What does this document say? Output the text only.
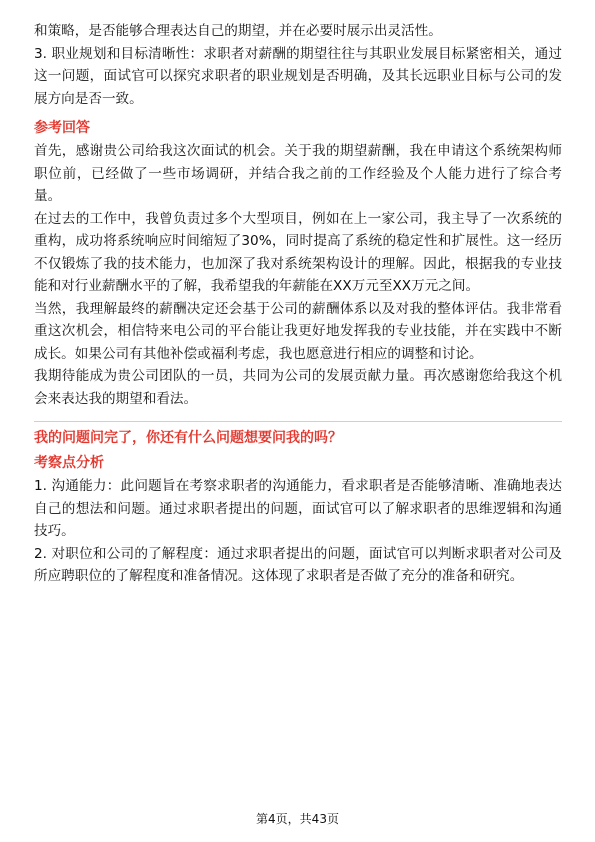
和策略，是否能够合理表达自己的期望，并在必要时展示出灵活性。

3. 职业规划和目标清晰性：求职者对薪酬的期望往往与其职业发展目标紧密相关，通过这一问题，面试官可以探究求职者的职业规划是否明确，及其长远职业目标与公司的发展方向是否一致。

参考回答

首先，感谢贵公司给我这次面试的机会。关于我的期望薪酬，我在申请这个系统架构师职位前，已经做了一些市场调研，并结合我之前的工作经验及个人能力进行了综合考量。

在过去的工作中，我曾负责过多个大型项目，例如在上一家公司，我主导了一次系统的重构，成功将系统响应时间缩短了30%，同时提高了系统的稳定性和扩展性。这一经历不仅锻炼了我的技术能力，也加深了我对系统架构设计的理解。因此，根据我的专业技能和对行业薪酬水平的了解，我希望我的年薪能在XX万元至XX万元之间。

当然，我理解最终的薪酬决定还会基于公司的薪酬体系以及对我的整体评估。我非常看重这次机会，相信特来电公司的平台能让我更好地发挥我的专业技能，并在实践中不断成长。如果公司有其他补偿或福利考虑，我也愿意进行相应的调整和讨论。

我期待能成为贵公司团队的一员，共同为公司的发展贡献力量。再次感谢您给我这个机会来表达我的期望和看法。

我的问题问完了，你还有什么问题想要问我的吗？
考察点分析

1. 沟通能力：此问题旨在考察求职者的沟通能力，看求职者是否能够清晰、准确地表达自己的想法和问题。通过求职者提出的问题，面试官可以了解求职者的思维逻辑和沟通技巧。

2. 对职位和公司的了解程度：通过求职者提出的问题，面试官可以判断求职者对公司及所应聘职位的了解程度和准备情况。这体现了求职者是否做了充分的准备和研究。

第4页，共43页
